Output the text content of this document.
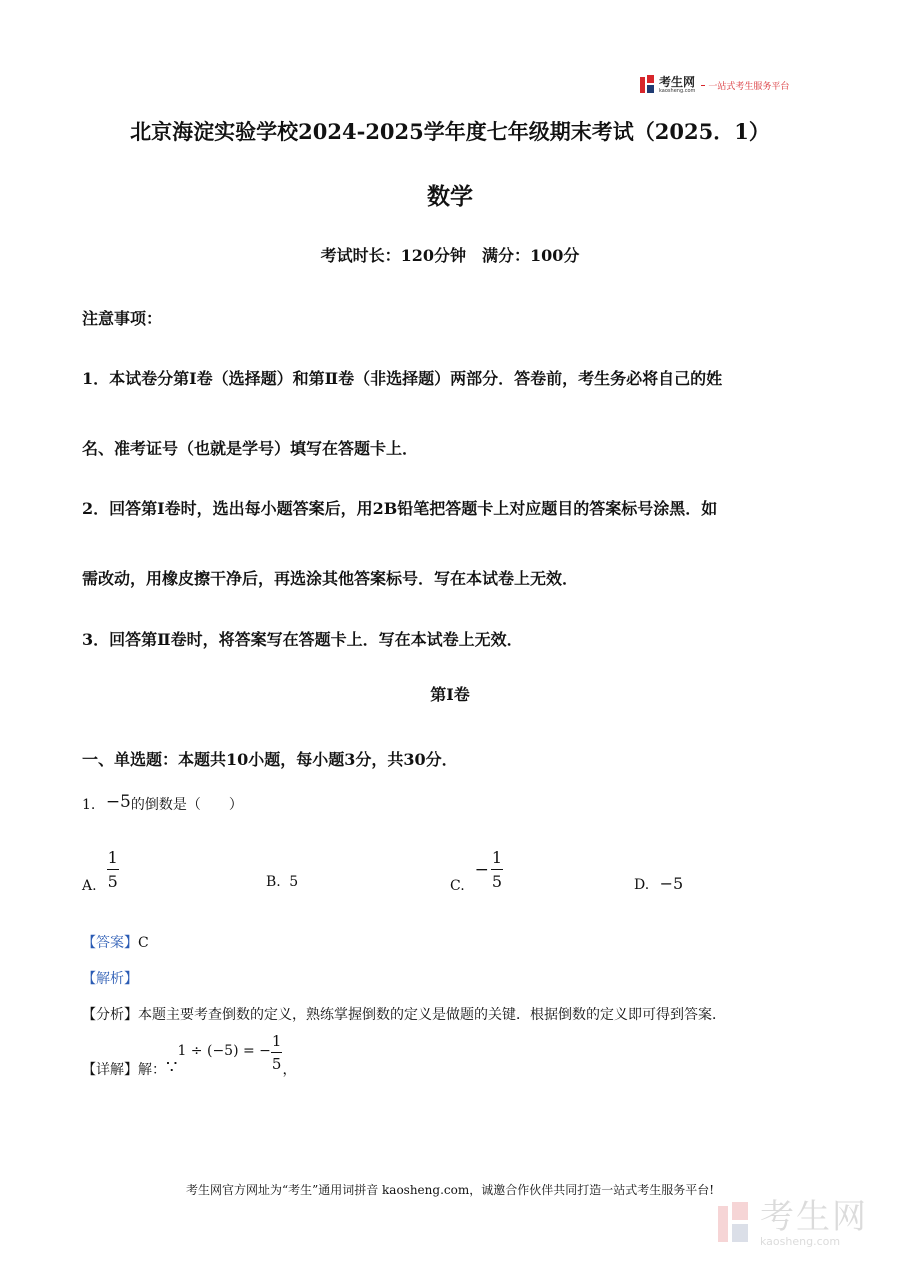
考生网
kaosheng.com 一站式考生服务平台
北京海淀实验学校2024-2025学年度七年级期末考试（2025．1）
数学
考试时长：120分钟　满分：100分
注意事项：
1．本试卷分第Ⅰ卷（选择题）和第Ⅱ卷（非选择题）两部分．答卷前，考生务必将自己的姓
名、准考证号（也就是学号）填写在答题卡上．
2．回答第Ⅰ卷时，选出每小题答案后，用2B铅笔把答题卡上对应题目的答案标号涂黑．如
需改动，用橡皮擦干净后，再选涂其他答案标号．写在本试卷上无效．
3．回答第Ⅱ卷时，将答案写在答题卡上．写在本试卷上无效．
第Ⅰ卷
一、单选题：本题共10小题，每小题3分，共30分．
1. −5的倒数是（　　）
A. $\frac{1}{5}$	B. 5	C.
− $\frac{1}{5}$	D. −5
【答案】C
【解析】
【分析】本题主要考查倒数的定义，熟练掌握倒数的定义是做题的关键．根据倒数的定义即可得到答案．
【详解】 解： ∵
1 ÷ (−5) = − $\frac{1}{5}$ ，
考生网官方网址为“考生”通用词拼音 kaosheng.com，诚邀合作伙伴共同打造一站式考生服务平台!
考生网
kaosheng.com
